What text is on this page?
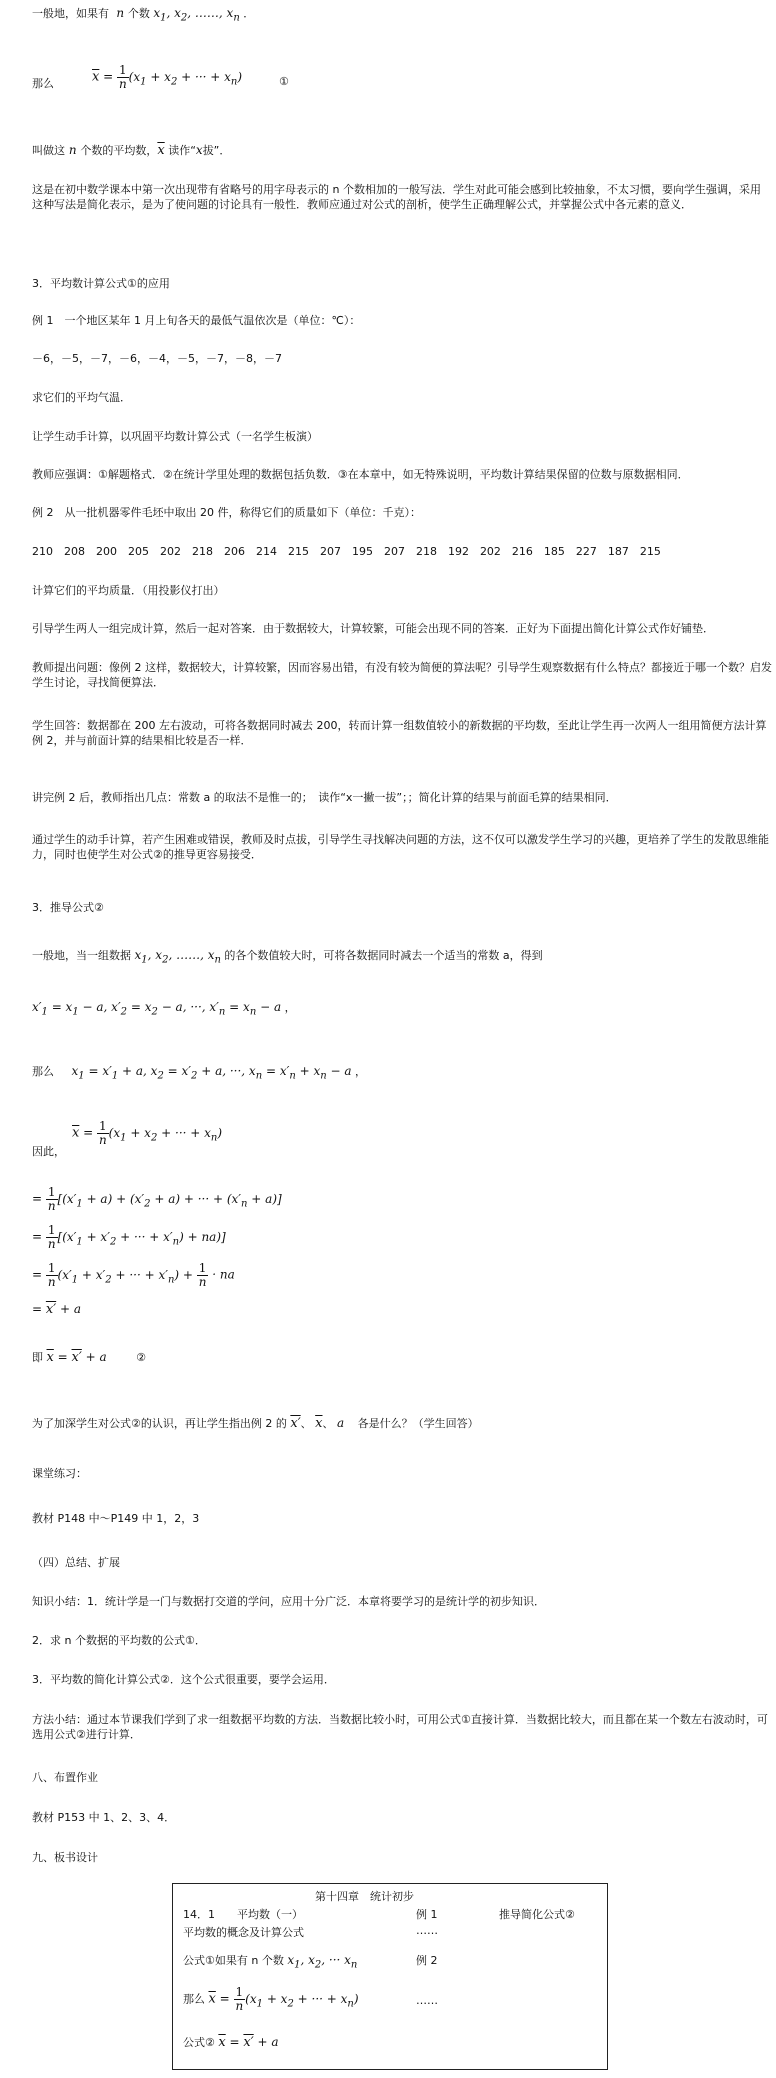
一般地，如果有  n 个数 $x_1$, $x_2$, ……, $x_n$ ．
那么	$\overline{x} = \frac{1}{n} (x_1 + x_2$ + ··· + $x_n$)	①
叫做这 n 个数的平均数，$\overline{x}$ 读作“x拔”．
这是在初中数学课本中第一次出现带有省略号的用字母表示的 n 个数相加的一般写法．学生对此可能会感到比较抽象，不太习惯，要向学生强调，采用这种写法是简化表示，是为了使问题的讨论具有一般性．教师应通过对公式的剖析，使学生正确理解公式，并掌握公式中各元素的意义．
3．平均数计算公式①的应用
例 1　一个地区某年 1 月上旬各天的最低气温依次是（单位：℃）：
－6，－5，－7，－6，－4，－5，－7，－8，－7
求它们的平均气温．
让学生动手计算，以巩固平均数计算公式（一名学生板演）
教师应强调：①解题格式．②在统计学里处理的数据包括负数．③在本章中，如无特殊说明，平均数计算结果保留的位数与原数据相同．
例 2　从一批机器零件毛坯中取出 20 件，称得它们的质量如下（单位：千克）：
210　208　200　205　202　218　206　214　215　207　195　207　218　192　202　216　185　227　187　215
计算它们的平均质量．（用投影仪打出）
引导学生两人一组完成计算，然后一起对答案．由于数据较大，计算较繁，可能会出现不同的答案．正好为下面提出简化计算公式作好铺垫．
教师提出问题：像例 2 这样，数据较大，计算较繁，因而容易出错，有没有较为简便的算法呢？引导学生观察数据有什么特点？都接近于哪一个数？启发学生讨论，寻找简便算法．
学生回答：数据都在 200 左右波动，可将各数据同时减去 200，转而计算一组数值较小的新数据的平均数，至此让学生再一次两人一组用简便方法计算例 2，并与前面计算的结果相比较是否一样．
讲完例 2 后，教师指出几点：常数 a 的取法不是惟一的；　读作“x一撇一拔”；；简化计算的结果与前面毛算的结果相同．
通过学生的动手计算，若产生困难或错误，教师及时点拔，引导学生寻找解决问题的方法，这不仅可以激发学生学习的兴趣，更培养了学生的发散思维能力，同时也使学生对公式②的推导更容易接受．
3．推导公式②
一般地，当一组数据 $x_1$, $x_2$, ……, $x_n$ 的各个数值较大时，可将各数据同时减去一个适当的常数 a，得到
$x'_1 = x_1 - a$, $x'_2 = x_2 - a$, ···, $x'_n = x_n - a$ ，
那么 $x_1 = x'_1 + a$, $x_2 = x'_2 + a$, ···, $x_n = x'_n + x_n - a$ ，
因此，
$\overline{x} = \frac{1}{n} (x_1 + x_2$ + ··· + $x_n$)
= $\frac{1}{n} [(x'_1 + a) + (x'_2 + a)$ + ··· + $(x'_n + a)$]
= $\frac{1}{n} [(x'_1 + x'_2$ + ··· + $x'_n) + na$)]
= $\frac{1}{n} (x'_1 + x'_2$ + ··· + $x'_n) + \frac{1}{n}$ · na
= x′ + a
即 $\overline{x} = x' + a$	②
为了加深学生对公式②的认识，再让学生指出例 2 的 x′、 $\overline{x}$、 a 各是什么？（学生回答）
课堂练习：
教材 P148 中～P149 中 1，2，3
（四）总结、扩展
知识小结：1．统计学是一门与数据打交道的学问，应用十分广泛．本章将要学习的是统计学的初步知识．
2．求 n 个数据的平均数的公式①．
3．平均数的简化计算公式②．这个公式很重要，要学会运用．
方法小结：通过本节课我们学到了求一组数据平均数的方法．当数据比较小时，可用公式①直接计算．当数据比较大，而且都在某一个数左右波动时，可选用公式②进行计算．
八、布置作业
教材 P153 中 1、2、3、4．
九、板书设计
第十四章　统计初步
14．1　　平均数（一）	例 1	推导简化公式②
平均数的概念及计算公式	……
公式①如果有 n 个数 $x_1$, $x_2$, ··· $x_n$	例 2
那么 $\overline{x} = \frac{1}{n} (x_1 + x_2$ + ··· + $x_n$)	……
公式② $\overline{x} = x' + a$
